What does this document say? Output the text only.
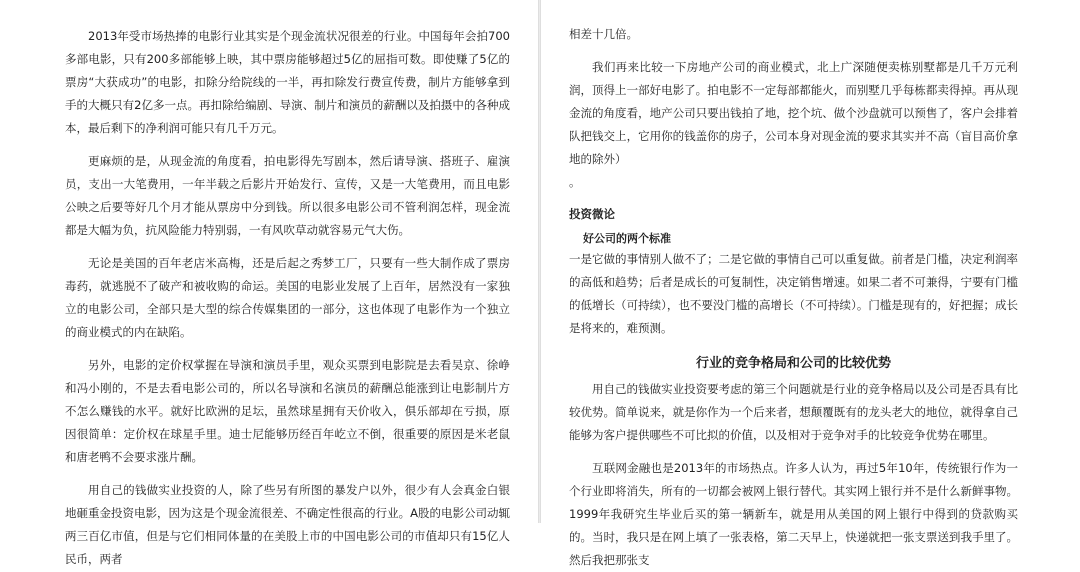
2013年受市场热捧的电影行业其实是个现金流状况很差的行业。中国每年会拍700多部电影，只有200多部能够上映，其中票房能够超过5亿的屈指可数。即使赚了5亿的票房“大获成功”的电影，扣除分给院线的一半，再扣除发行费宣传费，制片方能够拿到手的大概只有2亿多一点。再扣除给编剧、导演、制片和演员的薪酬以及拍摄中的各种成本，最后剩下的净利润可能只有几千万元。

更麻烦的是，从现金流的角度看，拍电影得先写剧本，然后请导演、搭班子、雇演员，支出一大笔费用，一年半载之后影片开始发行、宣传，又是一大笔费用，而且电影公映之后要等好几个月才能从票房中分到钱。所以很多电影公司不管利润怎样，现金流都是大幅为负，抗风险能力特别弱，一有风吹草动就容易元气大伤。

无论是美国的百年老店米高梅，还是后起之秀梦工厂，只要有一些大制作成了票房毒药，就逃脱不了破产和被收购的命运。美国的电影业发展了上百年，居然没有一家独立的电影公司，全部只是大型的综合传媒集团的一部分，这也体现了电影作为一个独立的商业模式的内在缺陷。

另外，电影的定价权掌握在导演和演员手里，观众买票到电影院是去看吴京、徐峥和冯小刚的，不是去看电影公司的，所以名导演和名演员的薪酬总能涨到让电影制片方不怎么赚钱的水平。就好比欧洲的足坛，虽然球星拥有天价收入，俱乐部却在亏损，原因很简单：定价权在球星手里。迪士尼能够历经百年屹立不倒，很重要的原因是米老鼠和唐老鸭不会要求涨片酬。

用自己的钱做实业投资的人，除了些另有所图的暴发户以外，很少有人会真金白银地砸重金投资电影，因为这是个现金流很差、不确定性很高的行业。A股的电影公司动辄两三百亿市值，但是与它们相同体量的在美股上市的中国电影公司的市值却只有15亿人民币，两者

相差十几倍。

我们再来比较一下房地产公司的商业模式，北上广深随便卖栋别墅都是几千万元利润，顶得上一部好电影了。拍电影不一定每部都能火，而别墅几乎每栋都卖得掉。再从现金流的角度看，地产公司只要出钱拍了地，挖个坑、做个沙盘就可以预售了，客户会排着队把钱交上，它用你的钱盖你的房子，公司本身对现金流的要求其实并不高（盲目高价拿地的除外）

。

投资微论
好公司的两个标准

一是它做的事情别人做不了；二是它做的事情自己可以重复做。前者是门槛，决定利润率的高低和趋势；后者是成长的可复制性，决定销售增速。如果二者不可兼得，宁要有门槛的低增长（可持续），也不要没门槛的高增长（不可持续）。门槛是现有的，好把握；成长是将来的，难预测。

行业的竞争格局和公司的比较优势

用自己的钱做实业投资要考虑的第三个问题就是行业的竞争格局以及公司是否具有比较优势。简单说来，就是你作为一个后来者，想颠覆既有的龙头老大的地位，就得拿自己能够为客户提供哪些不可比拟的价值，以及相对于竞争对手的比较竞争优势在哪里。

互联网金融也是2013年的市场热点。许多人认为，再过5年10年，传统银行作为一个行业即将消失，所有的一切都会被网上银行替代。其实网上银行并不是什么新鲜事物。1999年我研究生毕业后买的第一辆新车，就是用从美国的网上银行中得到的贷款购买的。当时，我只是在网上填了一张表格，第二天早上，快递就把一张支票送到我手里了。然后我把那张支
